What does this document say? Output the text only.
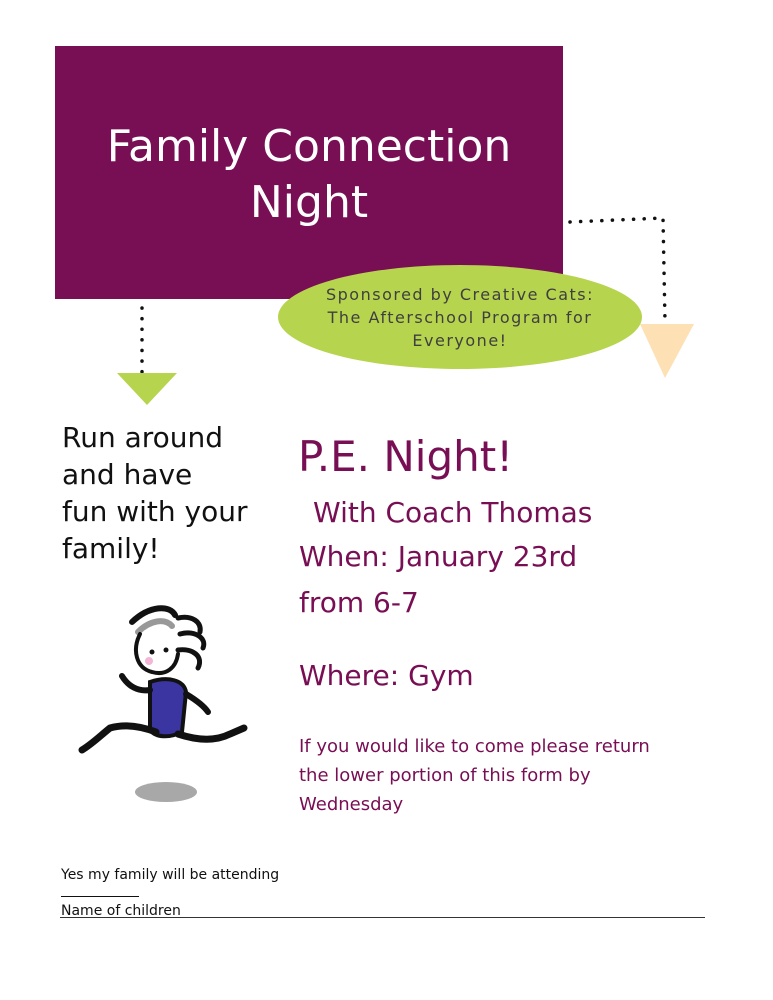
Family Connection
Night
Sponsored by Creative Cats:
The Afterschool Program for
Everyone!
Run around
and have
fun with your
family!
P.E. Night!
With Coach Thomas
When: January 23rd
from 6-7
Where: Gym
If you would like to come please return
the lower portion of this form by
Wednesday
Yes my family will be attending
Name of children
